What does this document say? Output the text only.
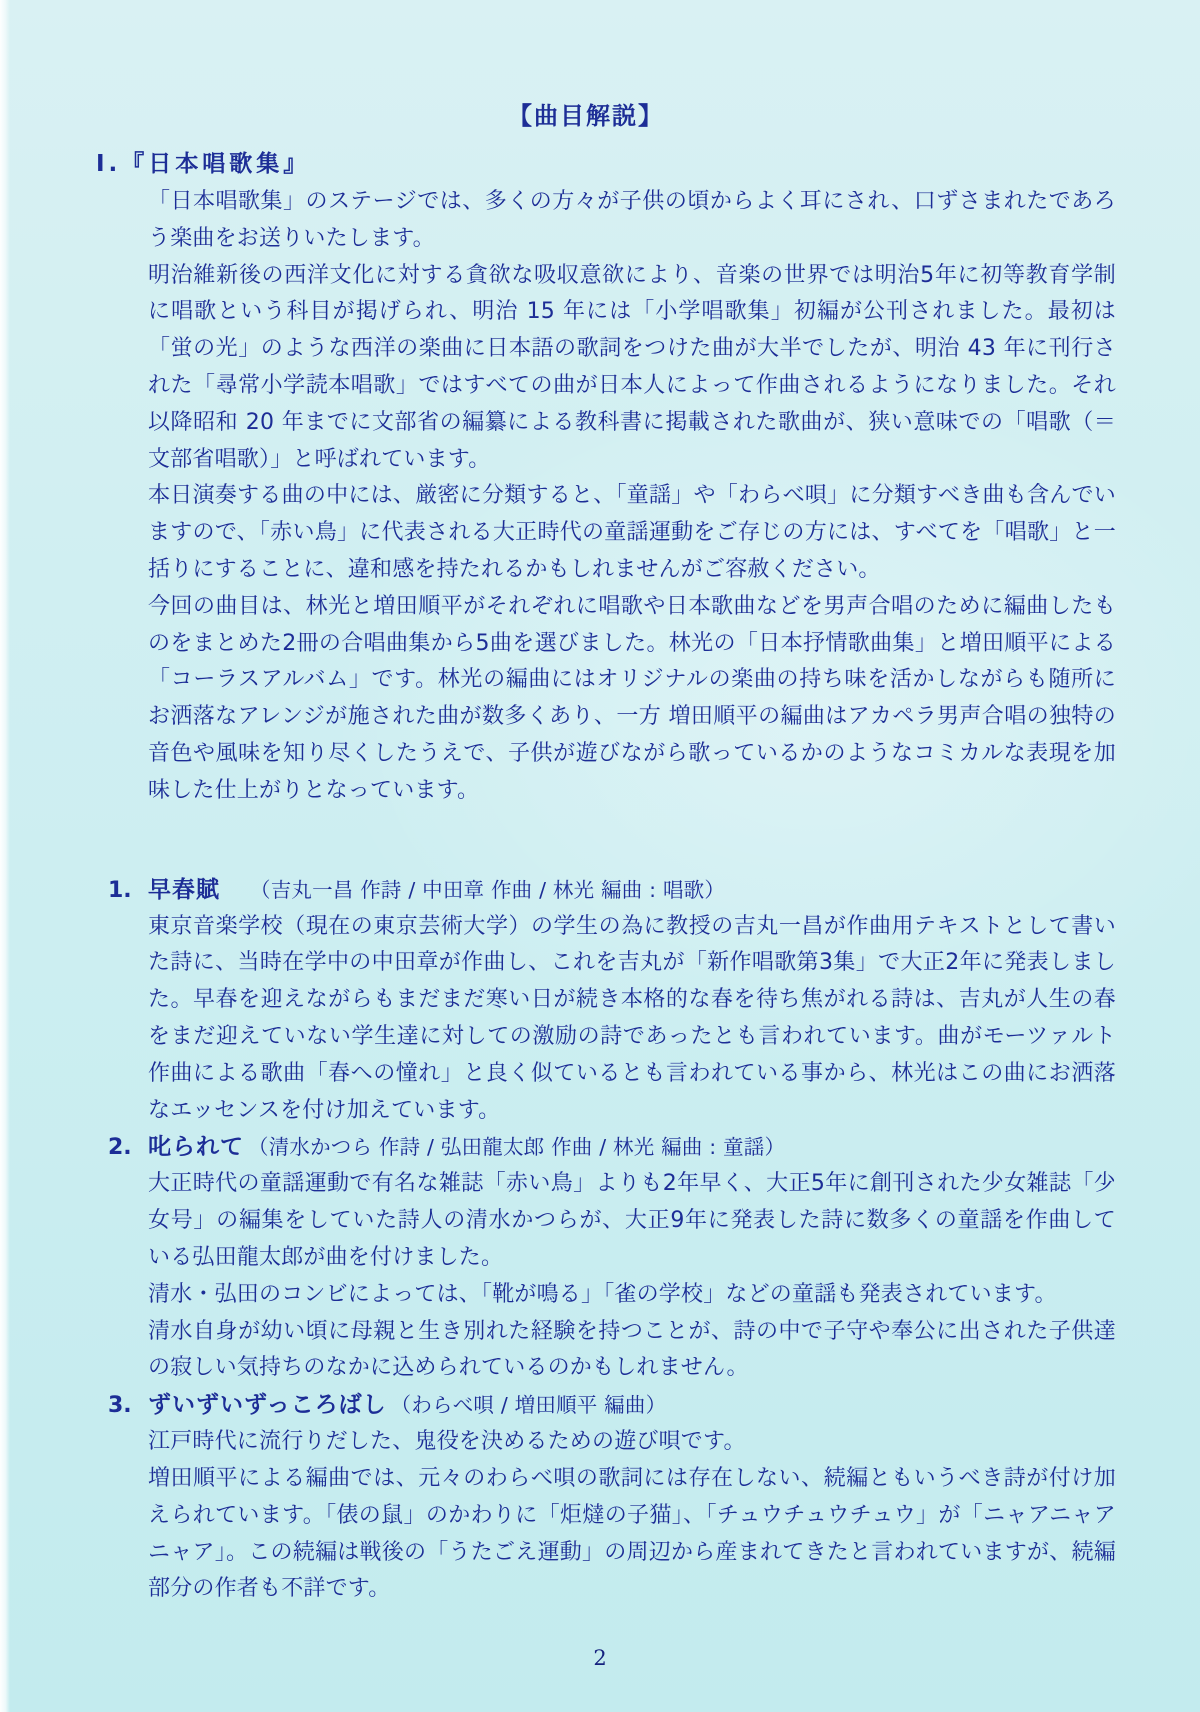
【曲目解説】
Ⅰ.『日本唱歌集』

「日本唱歌集」のステージでは、多くの方々が子供の頃からよく耳にされ、口ずさまれたであろう楽曲をお送りいたします。

明治維新後の西洋文化に対する貪欲な吸収意欲により、音楽の世界では明治5年に初等教育学制に唱歌という科目が掲げられ、明治 15 年には「小学唱歌集」初編が公刊されました。最初は「蛍の光」のような西洋の楽曲に日本語の歌詞をつけた曲が大半でしたが、明治 43 年に刊行された「尋常小学読本唱歌」ではすべての曲が日本人によって作曲されるようになりました。それ以降昭和 20 年までに文部省の編纂による教科書に掲載された歌曲が、狭い意味での「唱歌（＝文部省唱歌）」と呼ばれています。

本日演奏する曲の中には、厳密に分類すると、「童謡」や「わらべ唄」に分類すべき曲も含んでいますので、「赤い鳥」に代表される大正時代の童謡運動をご存じの方には、すべてを「唱歌」と一括りにすることに、違和感を持たれるかもしれませんがご容赦ください。

今回の曲目は、林光と増田順平がそれぞれに唱歌や日本歌曲などを男声合唱のために編曲したものをまとめた2冊の合唱曲集から5曲を選びました。林光の「日本抒情歌曲集」と増田順平による「コーラスアルバム」です。林光の編曲にはオリジナルの楽曲の持ち味を活かしながらも随所にお洒落なアレンジが施された曲が数多くあり、一方 増田順平の編曲はアカペラ男声合唱の独特の音色や風味を知り尽くしたうえで、子供が遊びながら歌っているかのようなコミカルな表現を加味した仕上がりとなっています。

1. 早春賦 （吉丸一昌 作詩 / 中田章 作曲 / 林光 編曲 : 唱歌）

東京音楽学校（現在の東京芸術大学）の学生の為に教授の吉丸一昌が作曲用テキストとして書いた詩に、当時在学中の中田章が作曲し、これを吉丸が「新作唱歌第3集」で大正2年に発表しました。早春を迎えながらもまだまだ寒い日が続き本格的な春を待ち焦がれる詩は、吉丸が人生の春をまだ迎えていない学生達に対しての激励の詩であったとも言われています。曲がモーツァルト作曲による歌曲「春への憧れ」と良く似ているとも言われている事から、林光はこの曲にお洒落なエッセンスを付け加えています。

2. 叱られて （清水かつら 作詩 / 弘田龍太郎 作曲 / 林光 編曲 : 童謡）

大正時代の童謡運動で有名な雑誌「赤い鳥」よりも2年早く、大正5年に創刊された少女雑誌「少女号」の編集をしていた詩人の清水かつらが、大正9年に発表した詩に数多くの童謡を作曲している弘田龍太郎が曲を付けました。

清水・弘田のコンビによっては、「靴が鳴る」「雀の学校」などの童謡も発表されています。

清水自身が幼い頃に母親と生き別れた経験を持つことが、詩の中で子守や奉公に出された子供達の寂しい気持ちのなかに込められているのかもしれません。

3. ずいずいずっころばし （わらべ唄 / 増田順平 編曲）

江戸時代に流行りだした、鬼役を決めるための遊び唄です。

増田順平による編曲では、元々のわらべ唄の歌詞には存在しない、続編ともいうべき詩が付け加えられています。「俵の鼠」のかわりに「炬燵の子猫」、「チュウチュウチュウ」が「ニャアニャアニャア」。この続編は戦後の「うたごえ運動」の周辺から産まれてきたと言われていますが、続編部分の作者も不詳です。

2
